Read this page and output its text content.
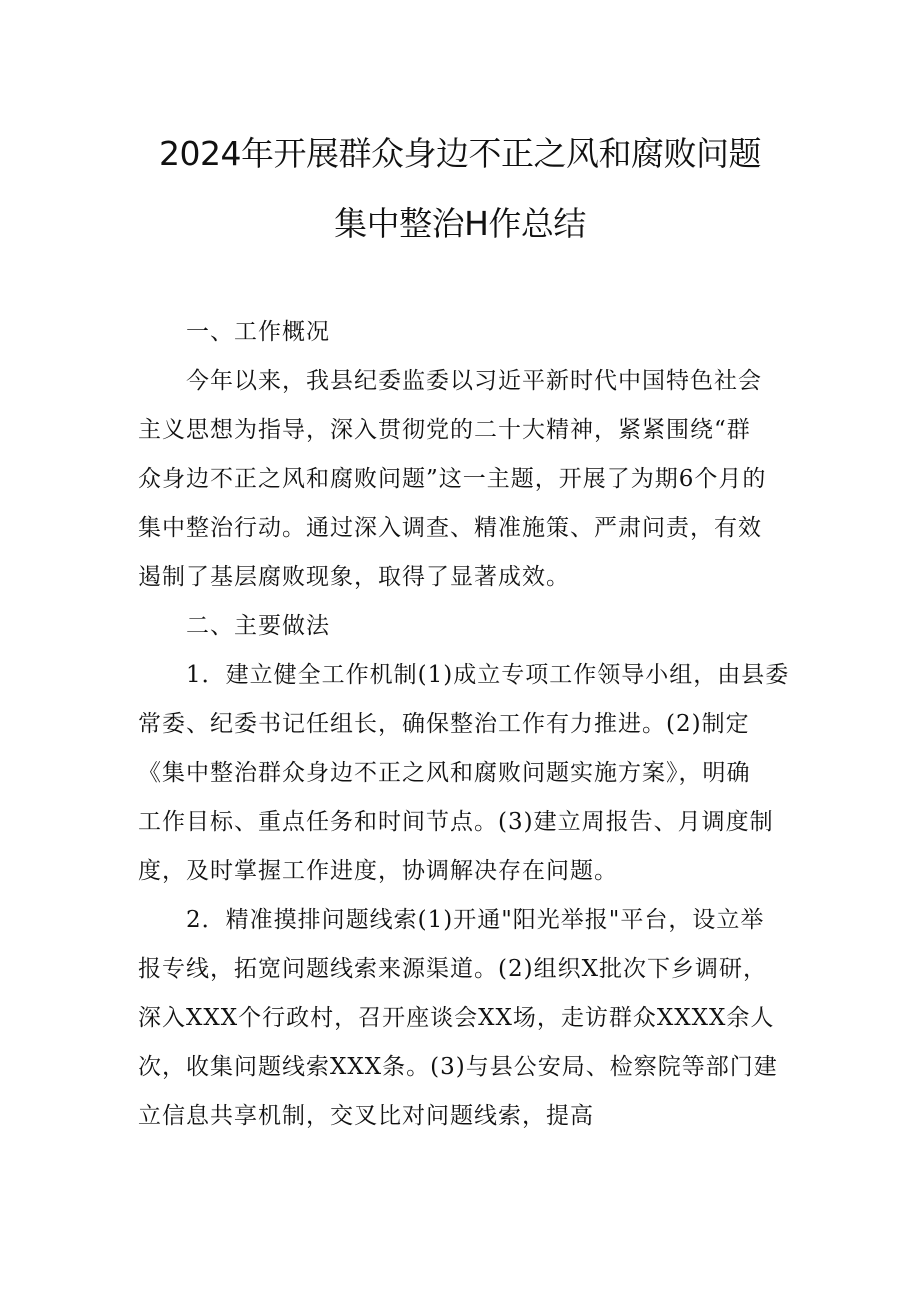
2024年开展群众身边不正之风和腐败问题
集中整治H作总结
一、工作概况
今年以来，我县纪委监委以习近平新时代中国特色社会
主义思想为指导，深入贯彻党的二十大精神，紧紧围绕“群
众身边不正之风和腐败问题”这一主题，开展了为期6个月的
集中整治行动。通过深入调查、精准施策、严肃问责，有效
遏制了基层腐败现象，取得了显著成效。
二、主要做法
1．建立健全工作机制(1)成立专项工作领导小组，由县委
常委、纪委书记任组长，确保整治工作有力推进。(2)制定
《集中整治群众身边不正之风和腐败问题实施方案》，明确
工作目标、重点任务和时间节点。(3)建立周报告、月调度制
度，及时掌握工作进度，协调解决存在问题。
2．精准摸排问题线索(1)开通"阳光举报"平台，设立举
报专线，拓宽问题线索来源渠道。(2)组织X批次下乡调研，
深入XXX个行政村，召开座谈会XX场，走访群众XXXX余人
次，收集问题线索XXX条。(3)与县公安局、检察院等部门建
立信息共享机制，交叉比对问题线索，提高
